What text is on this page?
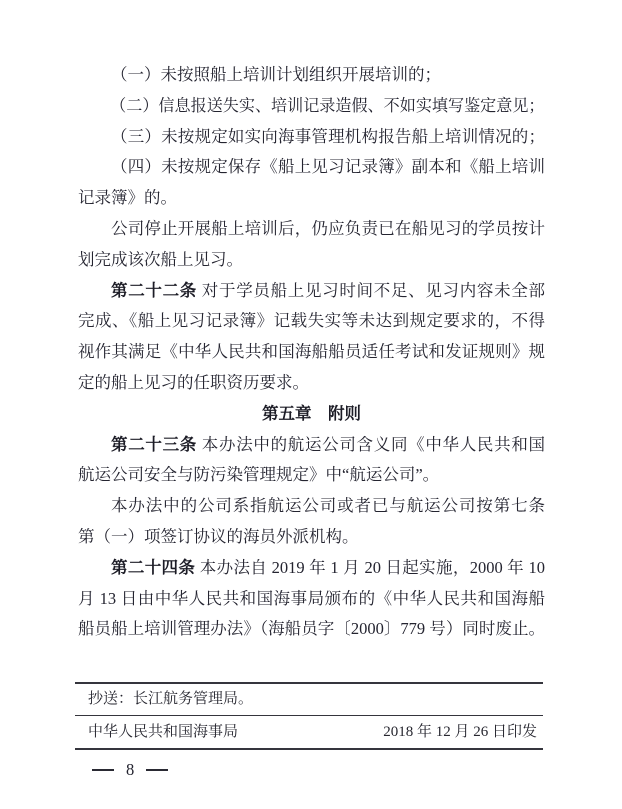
（一）未按照船上培训计划组织开展培训的；
（二）信息报送失实、培训记录造假、不如实填写鉴定意见；
（三）未按规定如实向海事管理机构报告船上培训情况的；
（四）未按规定保存《船上见习记录簿》副本和《船上培训
记录簿》的。
公司停止开展船上培训后，仍应负责已在船见习的学员按计
划完成该次船上见习。
第二十二条 对于学员船上见习时间不足、见习内容未全部
完成、《船上见习记录簿》记载失实等未达到规定要求的，不得
视作其满足《中华人民共和国海船船员适任考试和发证规则》规
定的船上见习的任职资历要求。
第五章　附则
第二十三条 本办法中的航运公司含义同《中华人民共和国
航运公司安全与防污染管理规定》中“航运公司”。
本办法中的公司系指航运公司或者已与航运公司按第七条
第（一）项签订协议的海员外派机构。
第二十四条 本办法自 2019 年 1 月 20 日起实施，2000 年 10
月 13 日由中华人民共和国海事局颁布的《中华人民共和国海船
船员船上培训管理办法》（海船员字〔2000〕779 号）同时废止。
抄送：长江航务管理局。
中华人民共和国海事局	2018 年 12 月 26 日印发
8
